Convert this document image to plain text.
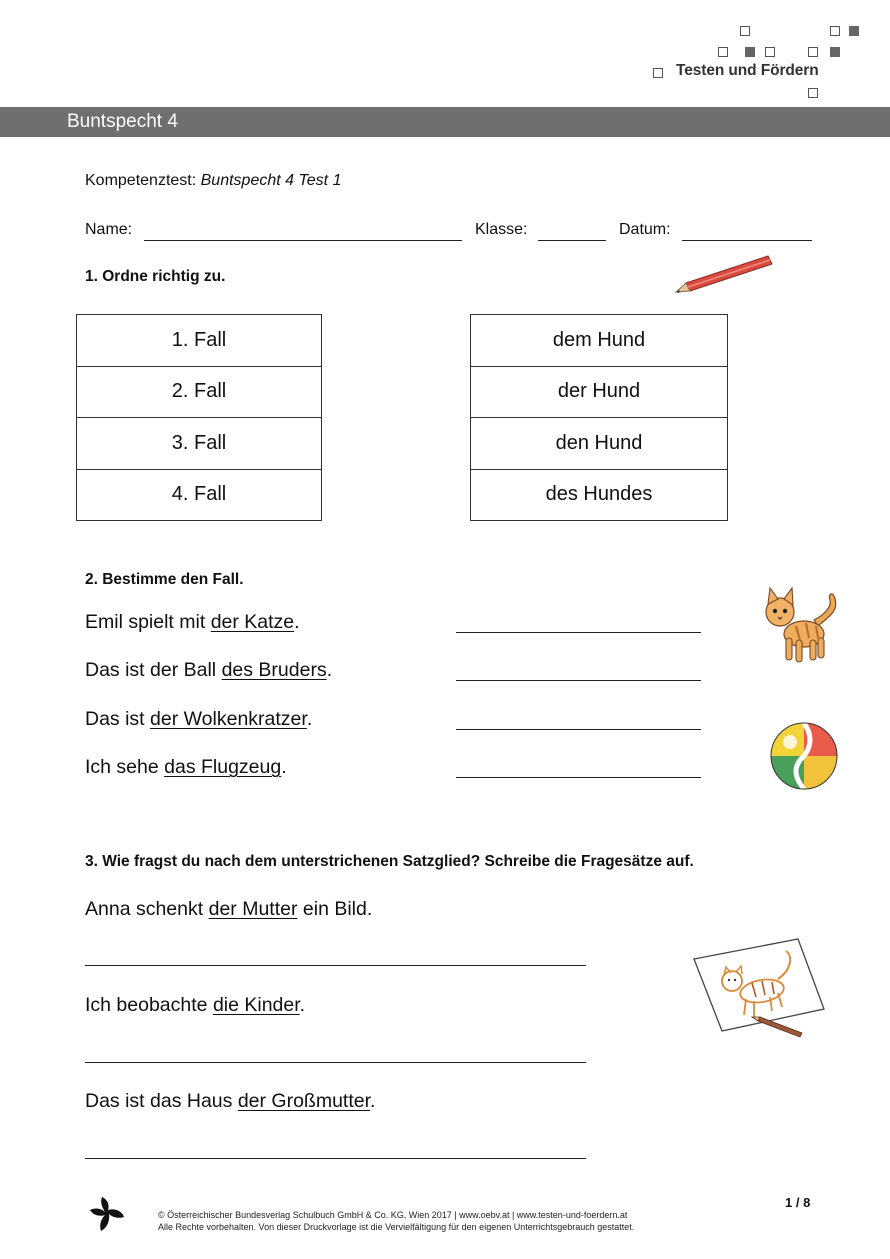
Testen und Fördern
Buntspecht 4
Kompetenztest: Buntspecht 4 Test 1
Name:	Klasse:	Datum:
1. Ordne richtig zu.
1. Fall
2. Fall
3. Fall
4. Fall
dem Hund
der Hund
den Hund
des Hundes
2. Bestimme den Fall.
Emil spielt mit der Katze.
Das ist der Ball des Bruders.
Das ist der Wolkenkratzer.
Ich sehe das Flugzeug.
3. Wie fragst du nach dem unterstrichenen Satzglied? Schreibe die Fragesätze auf.
Anna schenkt der Mutter ein Bild.
Ich beobachte die Kinder.
Das ist das Haus der Großmutter.
© Österreichischer Bundesverlag Schulbuch GmbH & Co. KG, Wien 2017 | www.oebv.at | www.testen-und-foerdern.at
Alle Rechte vorbehalten. Von dieser Druckvorlage ist die Vervielfältigung für den eigenen Unterrichtsgebrauch gestattet.
1 / 8
